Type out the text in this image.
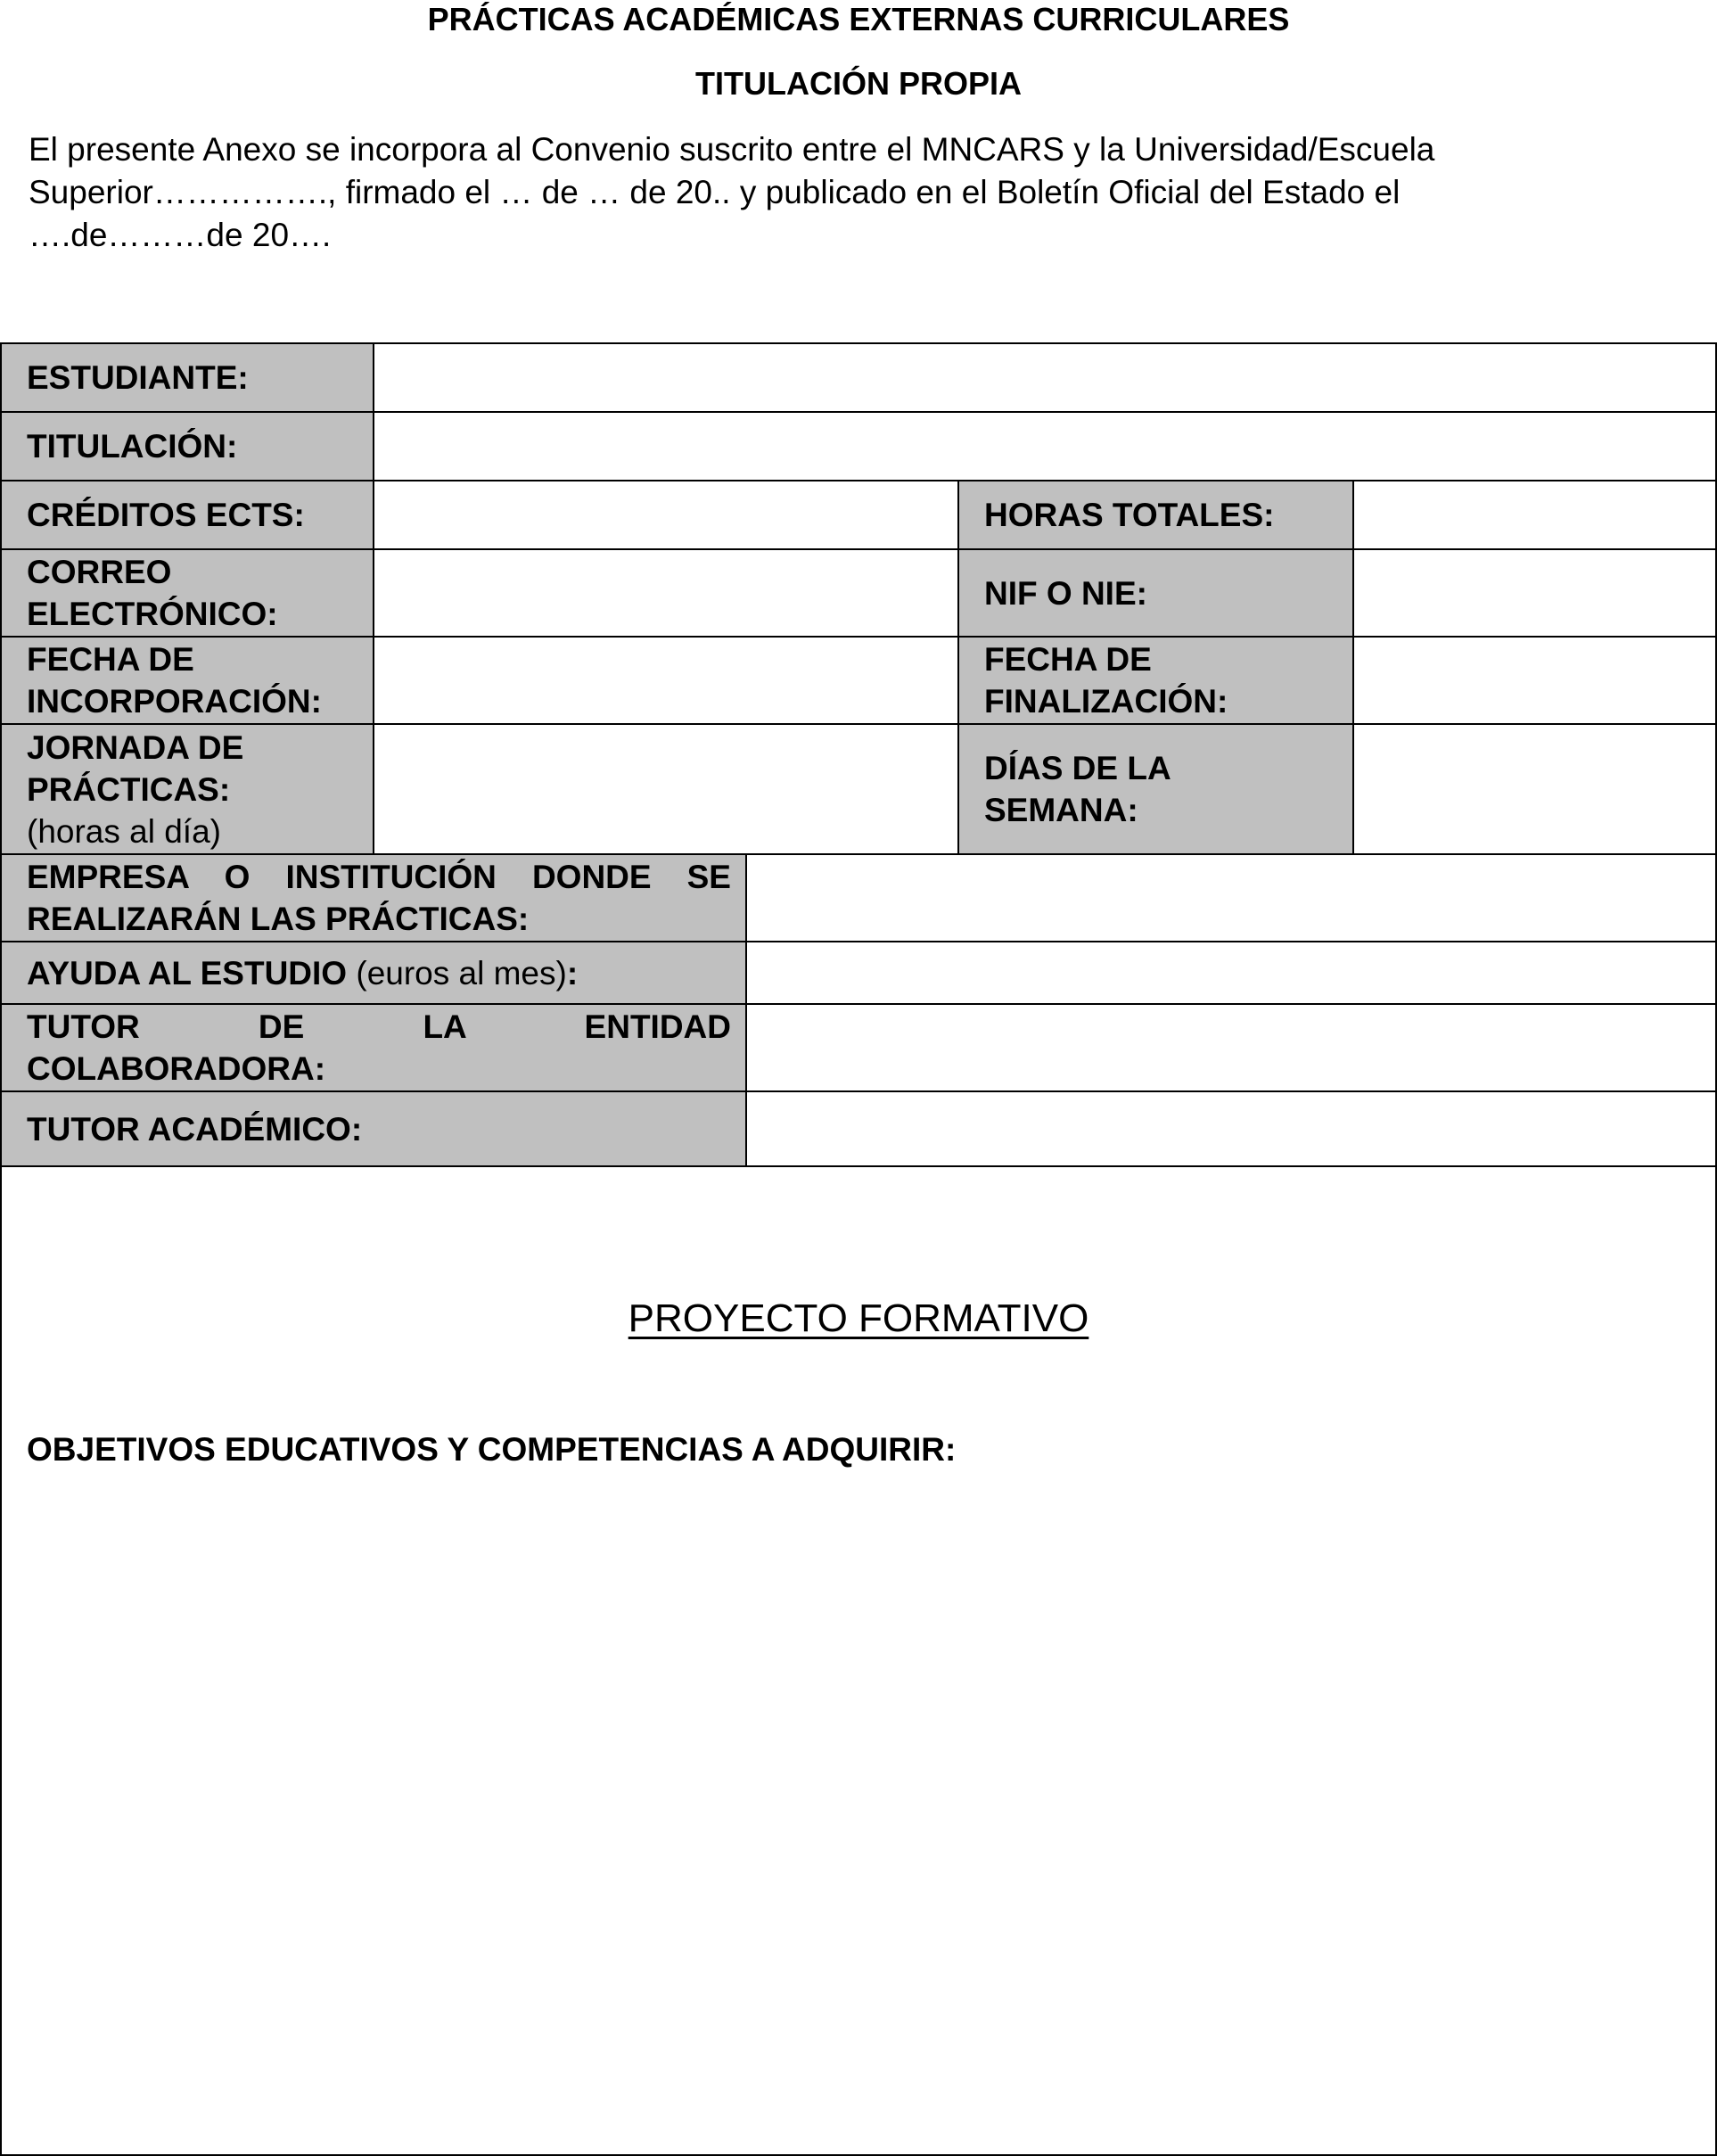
PRÁCTICAS ACADÉMICAS EXTERNAS CURRICULARES
TITULACIÓN PROPIA

El presente Anexo se incorpora al Convenio suscrito entre el MNCARS y la Universidad/Escuela

Superior……………., firmado el … de … de 20.. y publicado en el Boletín Oficial del Estado el

….de………de 20….

ESTUDIANTE:
TITULACIÓN:
CRÉDITOS ECTS:	HORAS TOTALES:
CORREO
ELECTRÓNICO:
NIF O NIE:
FECHA DE
INCORPORACIÓN:
FECHA DE
FINALIZACIÓN:
JORNADA DE
PRÁCTICAS:
(horas al día)
DÍAS DE LA
SEMANA:
EMPRESA O INSTITUCIÓN DONDE SE
REALIZARÁN LAS PRÁCTICAS:
AYUDA AL ESTUDIO (euros al mes):
TUTOR DE LA ENTIDAD
COLABORADORA:
TUTOR ACADÉMICO:
PROYECTO FORMATIVO
OBJETIVOS EDUCATIVOS Y COMPETENCIAS A ADQUIRIR:
